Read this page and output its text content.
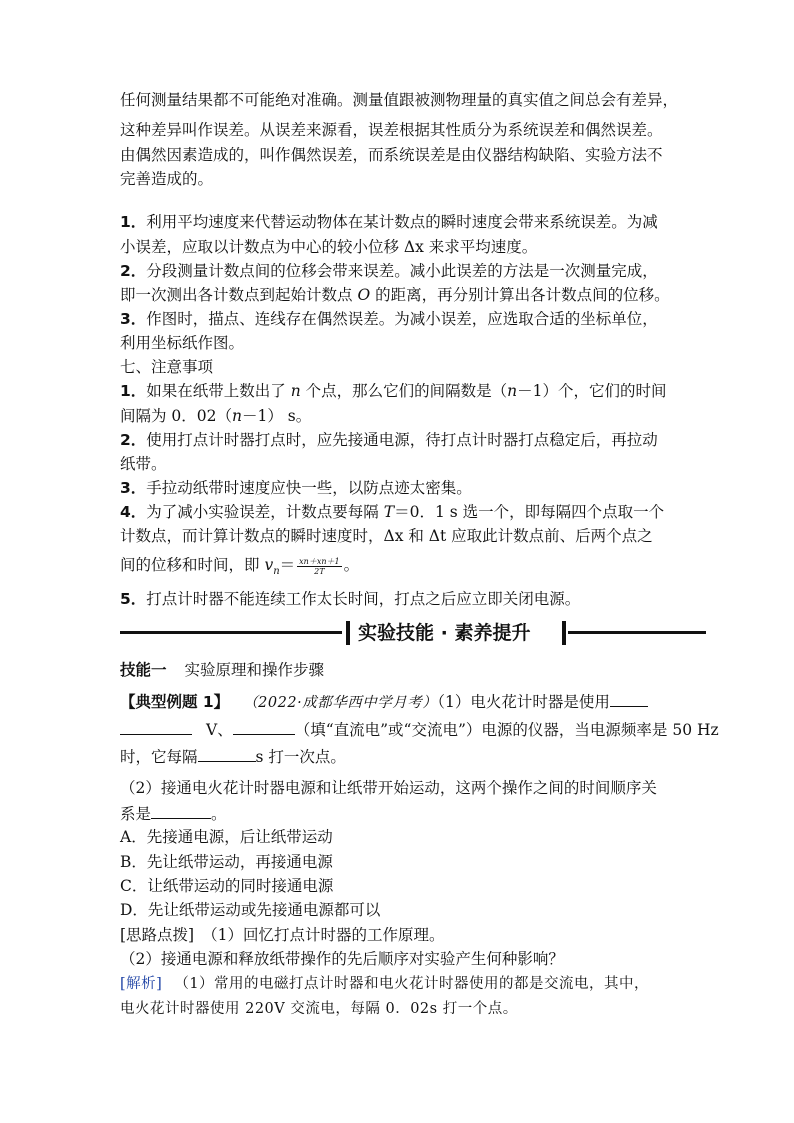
任何测量结果都不可能绝对准确。测量值跟被测物理量的真实值之间总会有差异，

这种差异叫作误差。从误差来源看，误差根据其性质分为系统误差和偶然误差。

由偶然因素造成的，叫作偶然误差，而系统误差是由仪器结构缺陷、实验方法不

完善造成的。

1．利用平均速度来代替运动物体在某计数点的瞬时速度会带来系统误差。为减

小误差，应取以计数点为中心的较小位移 Δx 来求平均速度。

2．分段测量计数点间的位移会带来误差。减小此误差的方法是一次测量完成，

即一次测出各计数点到起始计数点 O 的距离，再分别计算出各计数点间的位移。

3．作图时，描点、连线存在偶然误差。为减小误差，应选取合适的坐标单位，

利用坐标纸作图。

七、注意事项

1．如果在纸带上数出了 n 个点，那么它们的间隔数是（n－1）个，它们的时间

间隔为 0．02（n－1） s。

2．使用打点计时器打点时，应先接通电源，待打点计时器打点稳定后，再拉动

纸带。

3．手拉动纸带时速度应快一些，以防点迹太密集。

4．为了减小实验误差，计数点要每隔 T＝0．1 s 选一个，即每隔四个点取一个

计数点，而计算计数点的瞬时速度时，Δx 和 Δt 应取此计数点前、后两个点之

间的位移和时间，即 $v_n= \frac{xn+xn+1}{2T}$ 。

5．打点计时器不能连续工作太长时间，打点之后应立即关闭电源。

实验技能 · 素养提升

技能一 实验原理和操作步骤

【典型例题 1】 （2022·成都华西中学月考）（1）电火花计时器是使用

V、	（填“直流电”或“交流电”）电源的仪器，当电源频率是 50 Hz

时，它每隔	s 打一次点。

（2）接通电火花计时器电源和让纸带开始运动，这两个操作之间的时间顺序关

系是	。

A．先接通电源，后让纸带运动

B．先让纸带运动，再接通电源

C．让纸带运动的同时接通电源

D．先让纸带运动或先接通电源都可以

[思路点拨] （1）回忆打点计时器的工作原理。

（2）接通电源和释放纸带操作的先后顺序对实验产生何种影响？

[解析] （1）常用的电磁打点计时器和电火花计时器使用的都是交流电，其中，

电火花计时器使用 220V 交流电，每隔 0．02s 打一个点。
